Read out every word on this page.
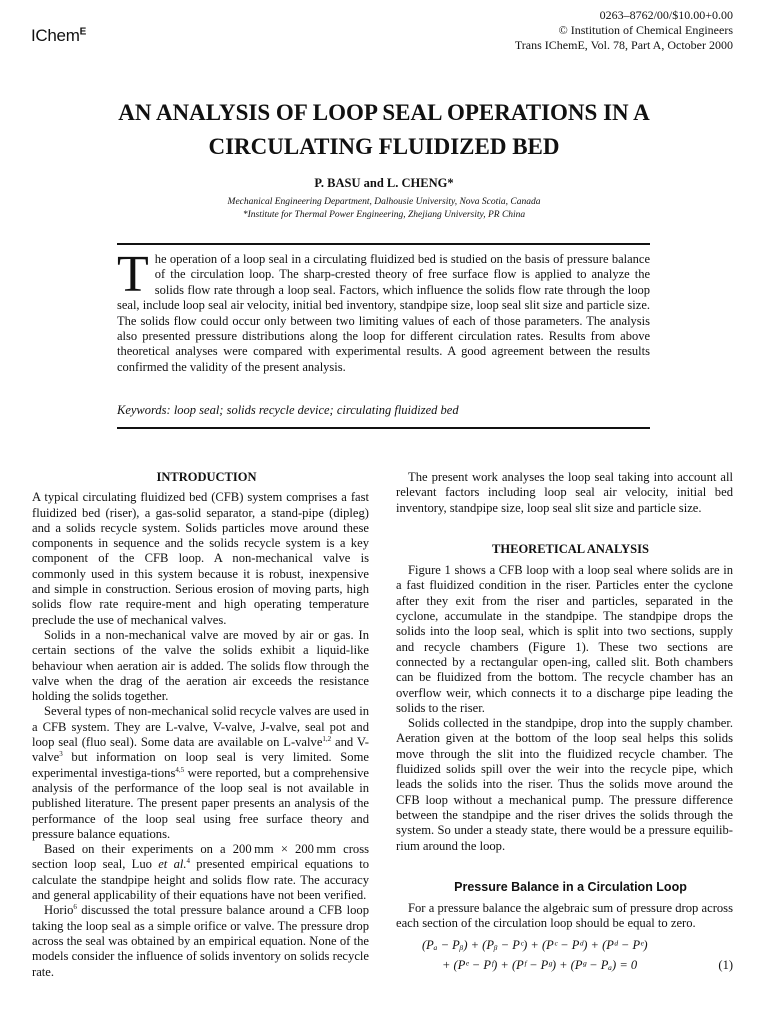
IChem$^E$
0263–8762/00/$10.00+0.00
© Institution of Chemical Engineers
Trans IChemE, Vol. 78, Part A, October 2000
AN ANALYSIS OF LOOP SEAL OPERATIONS IN A
CIRCULATING FLUIDIZED BED
P. BASU and L. CHENG*
Mechanical Engineering Department, Dalhousie University, Nova Scotia, Canada
*Institute for Thermal Power Engineering, Zhejiang University, PR China
The operation of a loop seal in a circulating fluidized bed is studied on the basis of pressure balance of the circulation loop. The sharp-crested theory of free surface flow is applied to analyze the solids flow rate through a loop seal. Factors, which influence the solids flow rate through the loop seal, include loop seal air velocity, initial bed inventory, standpipe size, loop seal slit size and particle size. The solids flow could occur only between two limiting values of each of those parameters. The analysis also presented pressure distributions along the loop for different circulation rates. Results from above theoretical analyses were compared with experimental results. A good agreement between the results confirmed the validity of the present analysis.
Keywords: loop seal; solids recycle device; circulating fluidized bed

INTRODUCTION

A typical circulating fluidized bed (CFB) system comprises a fast fluidized bed (riser), a gas-solid separator, a stand-pipe (dipleg) and a solids recycle system. Solids particles move around these components in sequence and the solids recycle system is a key component of the CFB loop. A non-mechanical valve is commonly used in this system because it is robust, inexpensive and simple in construction. Serious erosion of moving parts, high solids flow rate require-ment and high operating temperature preclude the use of mechanical valves.

Solids in a non-mechanical valve are moved by air or gas. In certain sections of the valve the solids exhibit a liquid-like behaviour when aeration air is added. The solids flow through the valve when the drag of the aeration air exceeds the resistance holding the solids together.

Several types of non-mechanical solid recycle valves are used in a CFB system. They are L-valve, V-valve, J-valve, seal pot and loop seal (fluo seal). Some data are available on L-valve$^{1,2}$ and V-valve$^3$ but information on loop seal is very limited. Some experimental investiga-tions$^{4,5}$ were reported, but a comprehensive analysis of the performance of the loop seal is not available in published literature. The present paper presents an analysis of the performance of the loop seal using free surface theory and pressure balance equations.

Based on their experiments on a 200 mm × 200 mm cross section loop seal, Luo et al.$^4$ presented empirical equations to calculate the standpipe height and solids flow rate. The accuracy and general applicability of their equations have not been verified.

Horio$^6$ discussed the total pressure balance around a CFB loop taking the loop seal as a simple orifice or valve. The pressure drop across the seal was obtained by an empirical equation. None of the models consider the influence of solids inventory on solids recycle rate.

The present work analyses the loop seal taking into account all relevant factors including loop seal air velocity, initial bed inventory, standpipe size, loop seal slit size and particle size.

THEORETICAL ANALYSIS

Figure 1 shows a CFB loop with a loop seal where solids are in a fast fluidized condition in the riser. Particles enter the cyclone after they exit from the riser and particles, separated in the cyclone, accumulate in the standpipe. The standpipe drops the solids into the loop seal, which is split into two sections, supply and recycle chambers (Figure 1). These two sections are connected by a rectangular open-ing, called slit. Both chambers can be fluidized from the bottom. The recycle chamber has an overflow weir, which connects it to a discharge pipe leading the solids to the riser.

Solids collected in the standpipe, drop into the supply chamber. Aeration given at the bottom of the loop seal helps this solids move through the slit into the fluidized recycle chamber. The fluidized solids spill over the weir into the recycle pipe, which leads the solids into the riser. Thus the solids move around the CFB loop without a mechanical pump. The pressure difference between the standpipe and the riser drives the solids through the system. So under a steady state, there would be a pressure equilib-rium around the loop.

Pressure Balance in a Circulation Loop

For a pressure balance the algebraic sum of pressure drop across each section of the circulation loop should be equal to zero.

(Pₐ − Pᵦ) + (Pᵦ − Pᶜ) + (Pᶜ − Pᵈ) + (Pᵈ − Pᵉ)
+ (Pᵉ − Pᶠ) + (Pᶠ − Pᵍ) + (Pᵍ − Pₐ) = 0	(1)
